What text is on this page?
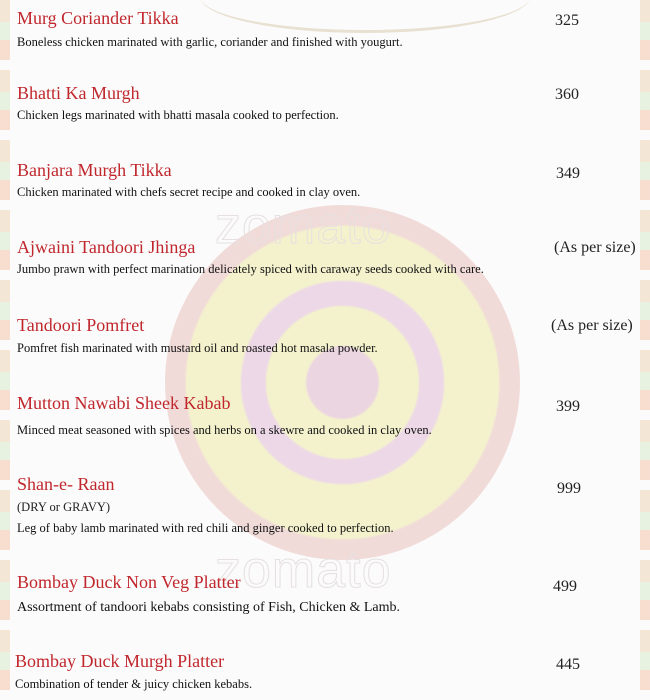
zomato
zomato
Murg Coriander Tikka
Boneless chicken marinated with garlic, coriander and finished with yougurt.
325
Bhatti Ka Murgh
Chicken legs marinated with bhatti masala cooked to perfection.
360
Banjara Murgh Tikka
Chicken marinated with chefs secret recipe and cooked in clay oven.
349
Ajwaini Tandoori Jhinga
Jumbo prawn with perfect marination delicately spiced with caraway seeds cooked with care.
(As per size)
Tandoori Pomfret
Pomfret fish marinated with mustard oil and roasted hot masala powder.
(As per size)
Mutton Nawabi Sheek Kabab
Minced meat seasoned with spices and herbs on a skewre and cooked in clay oven.
399
Shan-e- Raan
(DRY or GRAVY)
Leg of baby lamb marinated with red chili and ginger cooked to perfection.
999
Bombay Duck Non Veg Platter
Assortment of tandoori kebabs consisting of Fish, Chicken & Lamb.
499
Bombay Duck Murgh Platter
Combination of tender & juicy chicken kebabs.
445
